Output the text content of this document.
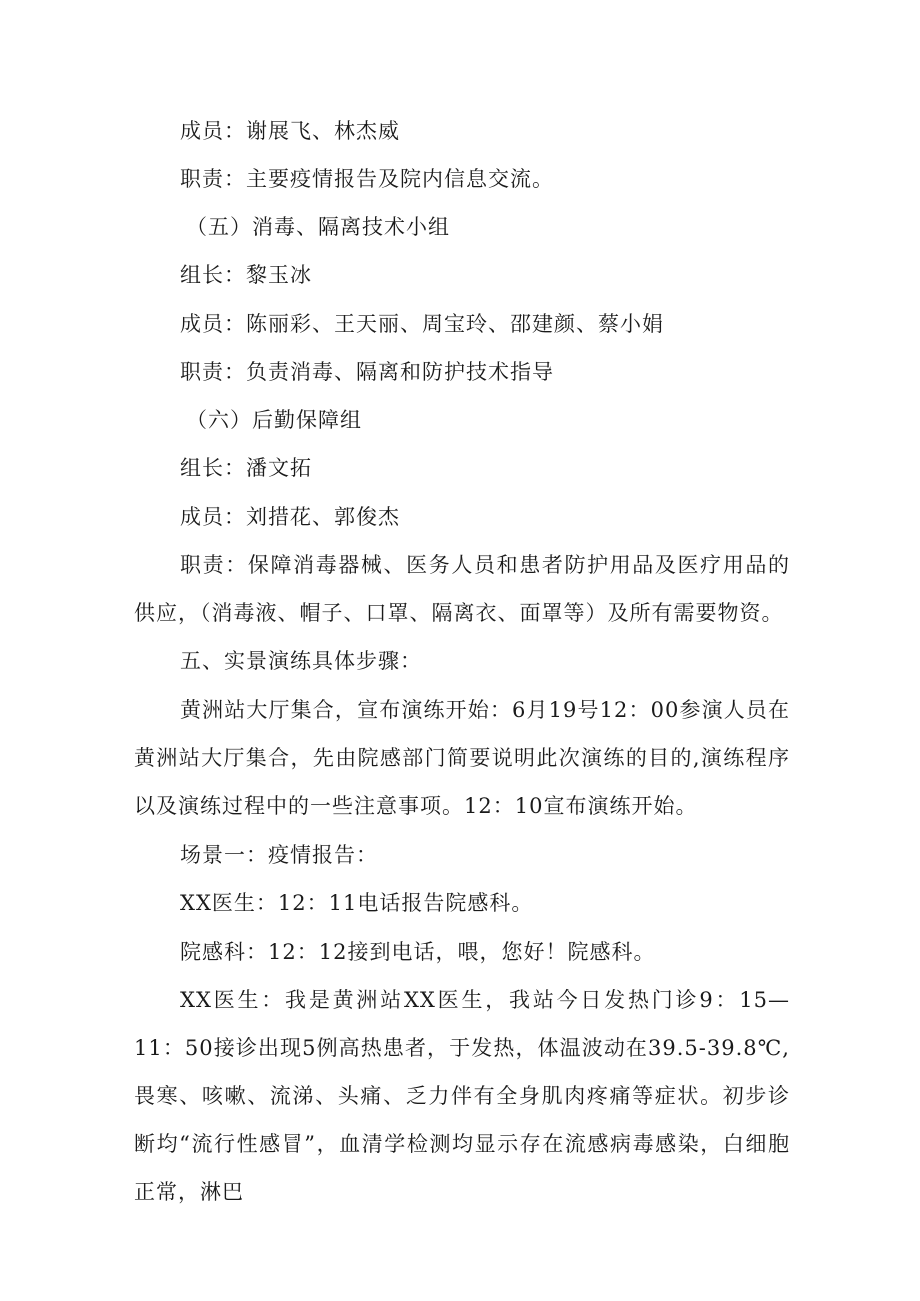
成员：谢展飞、林杰威

职责：主要疫情报告及院内信息交流。

（五）消毒、隔离技术小组

组长：黎玉冰

成员：陈丽彩、王天丽、周宝玲、邵建颜、蔡小娟

职责：负责消毒、隔离和防护技术指导

（六）后勤保障组

组长：潘文拓

成员：刘措花、郭俊杰

职责：保障消毒器械、医务人员和患者防护用品及医疗用品的供应，（消毒液、帽子、口罩、隔离衣、面罩等）及所有需要物资。

五、实景演练具体步骤：

黄洲站大厅集合，宣布演练开始：6月19号12：00参演人员在黄洲站大厅集合，先由院感部门简要说明此次演练的目的,演练程序以及演练过程中的一些注意事项。12：10宣布演练开始。

场景一：疫情报告：

XX医生：12：11电话报告院感科。

院感科：12：12接到电话，喂，您好！院感科。

XX医生：我是黄洲站XX医生，我站今日发热门诊9：15—11：50接诊出现5例高热患者，于发热，体温波动在39.5-39.8℃,畏寒、咳嗽、流涕、头痛、乏力伴有全身肌肉疼痛等症状。初步诊断均“流行性感冒”，血清学检测均显示存在流感病毒感染，白细胞正常，淋巴
